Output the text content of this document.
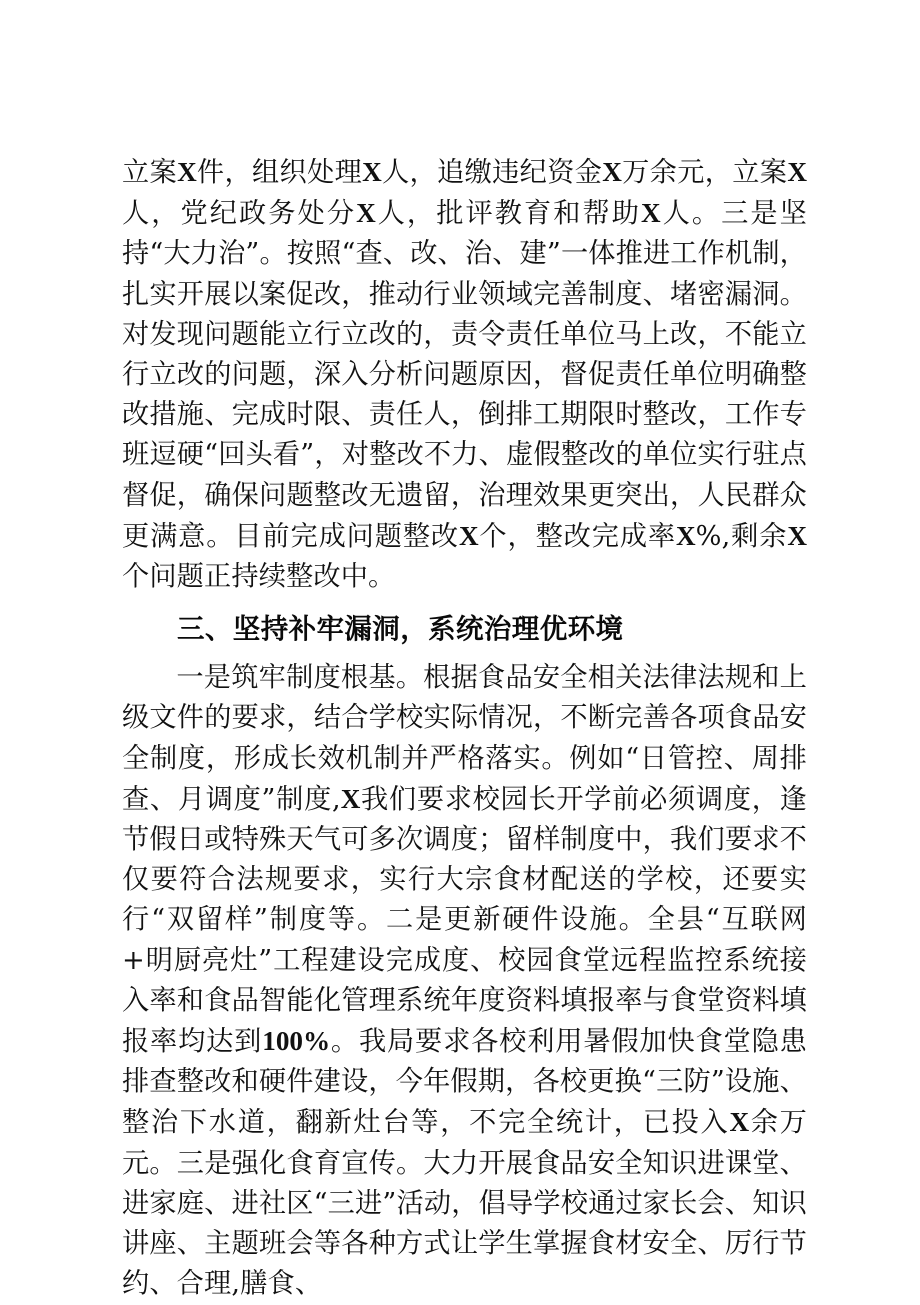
立案X件，组织处理X人，追缴违纪资金X万余元，立案X人，党纪政务处分X人，批评教育和帮助X人。三是坚持“大力治”。按照“查、改、治、建”一体推进工作机制，扎实开展以案促改，推动行业领域完善制度、堵密漏洞。对发现问题能立行立改的，责令责任单位马上改，不能立行立改的问题，深入分析问题原因，督促责任单位明确整改措施、完成时限、责任人，倒排工期限时整改，工作专班逗硬“回头看”，对整改不力、虚假整改的单位实行驻点督促，确保问题整改无遗留，治理效果更突出，人民群众更满意。目前完成问题整改X个，整改完成率X%,剩余X个问题正持续整改中。

三、坚持补牢漏洞，系统治理优环境

一是筑牢制度根基。根据食品安全相关法律法规和上级文件的要求，结合学校实际情况，不断完善各项食品安全制度，形成长效机制并严格落实。例如“日管控、周排查、月调度”制度,X我们要求校园长开学前必须调度，逢节假日或特殊天气可多次调度；留样制度中，我们要求不仅要符合法规要求，实行大宗食材配送的学校，还要实行“双留样”制度等。二是更新硬件设施。全县“互联网+明厨亮灶”工程建设完成度、校园食堂远程监控系统接入率和食品智能化管理系统年度资料填报率与食堂资料填报率均达到100%。我局要求各校利用暑假加快食堂隐患排查整改和硬件建设，今年假期，各校更换“三防”设施、整治下水道，翻新灶台等，不完全统计，已投入X余万元。三是强化食育宣传。大力开展食品安全知识进课堂、进家庭、进社区“三进”活动，倡导学校通过家长会、知识讲座、主题班会等各种方式让学生掌握食材安全、厉行节约、合理,膳食、
